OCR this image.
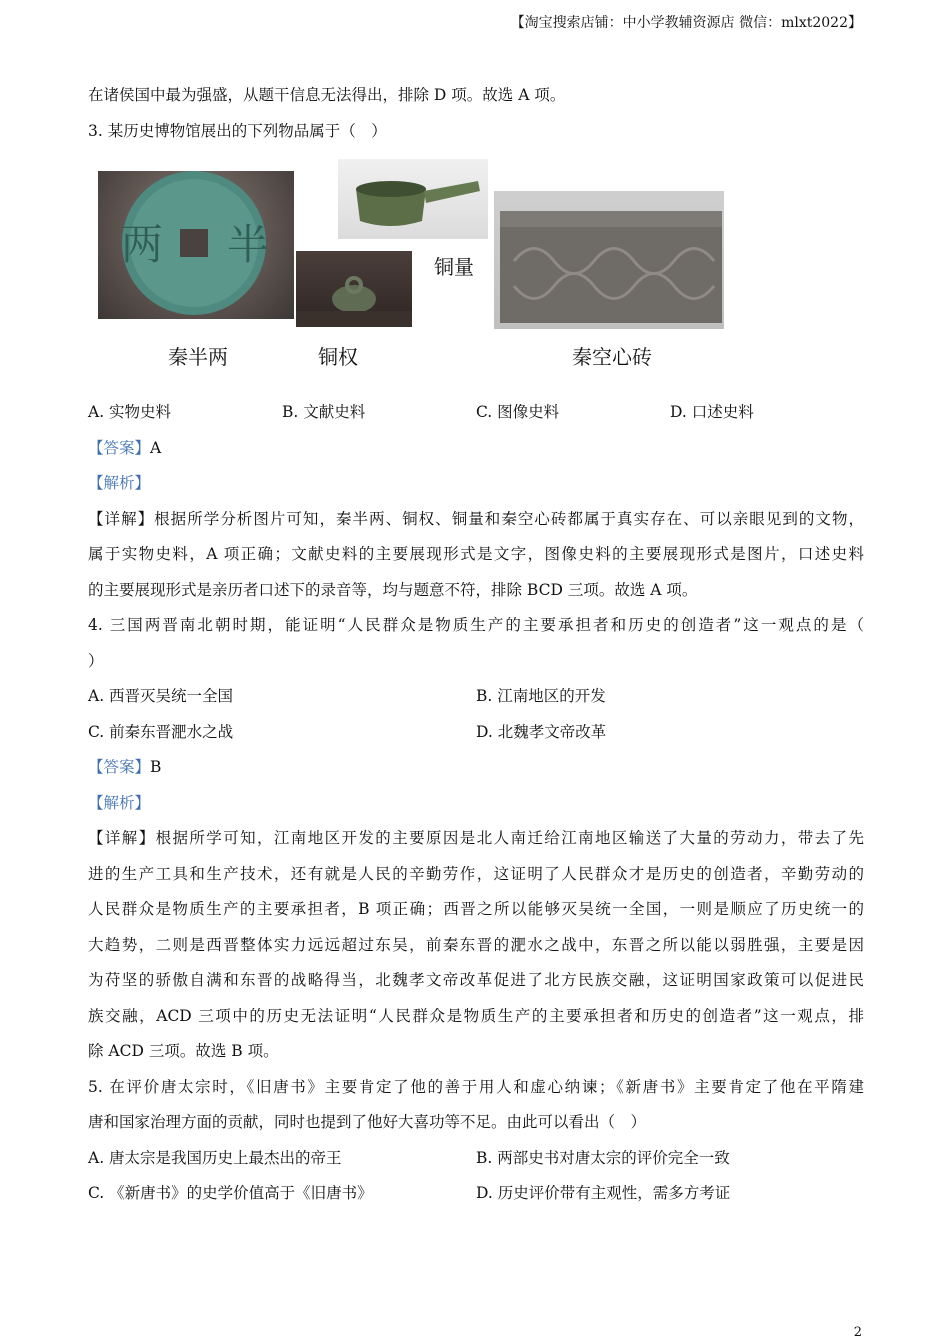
【淘宝搜索店铺：中小学教辅资源店 微信：mlxt2022】

在诸侯国中最为强盛，从题干信息无法得出，排除 D 项。故选 A 项。

3. 某历史博物馆展出的下列物品属于（　）

半
两
秦半两	铜权
铜量
秦空心砖
A. 实物史料	B. 文献史料	C. 图像史料	D. 口述史料

【答案】A

【解析】

【详解】根据所学分析图片可知，秦半两、铜权、铜量和秦空心砖都属于真实存在、可以亲眼见到的文物，

属于实物史料，A 项正确；文献史料的主要展现形式是文字，图像史料的主要展现形式是图片，口述史料

的主要展现形式是亲历者口述下的录音等，均与题意不符，排除 BCD 三项。故选 A 项。

4. 三国两晋南北朝时期，能证明“人民群众是物质生产的主要承担者和历史的创造者”这一观点的是（

）

A. 西晋灭吴统一全国	B. 江南地区的开发
C. 前秦东晋淝水之战	D. 北魏孝文帝改革

【答案】B

【解析】

【详解】根据所学可知，江南地区开发的主要原因是北人南迁给江南地区输送了大量的劳动力，带去了先

进的生产工具和生产技术，还有就是人民的辛勤劳作，这证明了人民群众才是历史的创造者，辛勤劳动的

人民群众是物质生产的主要承担者，B 项正确；西晋之所以能够灭吴统一全国，一则是顺应了历史统一的

大趋势，二则是西晋整体实力远远超过东吴，前秦东晋的淝水之战中，东晋之所以能以弱胜强，主要是因

为苻坚的骄傲自满和东晋的战略得当，北魏孝文帝改革促进了北方民族交融，这证明国家政策可以促进民

族交融，ACD 三项中的历史无法证明“人民群众是物质生产的主要承担者和历史的创造者”这一观点，排

除 ACD 三项。故选 B 项。

5. 在评价唐太宗时，《旧唐书》主要肯定了他的善于用人和虚心纳谏；《新唐书》主要肯定了他在平隋建

唐和国家治理方面的贡献，同时也提到了他好大喜功等不足。由此可以看出（　）

A. 唐太宗是我国历史上最杰出的帝王	B. 两部史书对唐太宗的评价完全一致
C. 《新唐书》的史学价值高于《旧唐书》	D. 历史评价带有主观性，需多方考证
2
